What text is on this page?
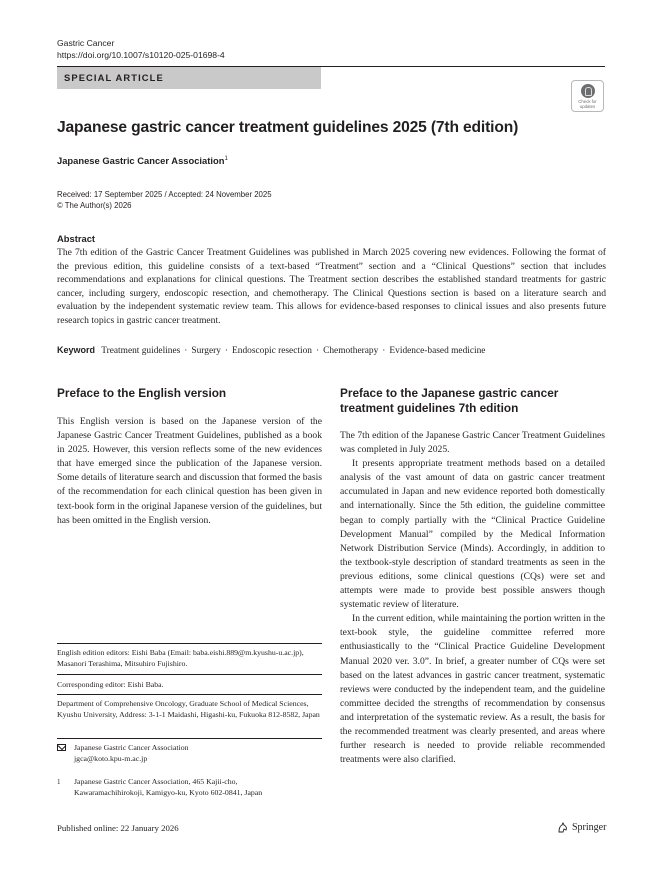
Gastric Cancer
https://doi.org/10.1007/s10120-025-01698-4
SPECIAL ARTICLE
Check for updates
Japanese gastric cancer treatment guidelines 2025 (7th edition)
Japanese Gastric Cancer Association$^1$
Received: 17 September 2025 / Accepted: 24 November 2025
© The Author(s) 2026
Abstract
The 7th edition of the Gastric Cancer Treatment Guidelines was published in March 2025 covering new evidences. Following the format of the previous edition, this guideline consists of a text-based “Treatment” section and a “Clinical Questions” section that includes recommendations and explanations for clinical questions. The Treatment section describes the established standard treatments for gastric cancer, including surgery, endoscopic resection, and chemotherapy. The Clinical Questions section is based on a literature search and evaluation by the independent systematic review team. This allows for evidence-based responses to clinical issues and also presents future research topics in gastric cancer treatment.
Keyword Treatment guidelines · Surgery · Endoscopic resection · Chemotherapy · Evidence-based medicine
Preface to the English version

This English version is based on the Japanese version of the Japanese Gastric Cancer Treatment Guidelines, published as a book in 2025. However, this version reflects some of the new evidences that have emerged since the publication of the Japanese version. Some details of literature search and discussion that formed the basis of the recommendation for each clinical question has been given in text-book form in the original Japanese version of the guidelines, but has been omitted in the English version.

English edition editors: Eishi Baba (Email: baba.eishi.889@m.kyushu-u.ac.jp), Masanori Terashima, Mitsuhiro Fujishiro.
Corresponding editor: Eishi Baba.
Department of Comprehensive Oncology, Graduate School of Medical Sciences, Kyushu University, Address: 3-1-1 Maidashi, Higashi-ku, Fukuoka 812-8582, Japan
Japanese Gastric Cancer Association
jgca@koto.kpu-m.ac.jp
1 Japanese Gastric Cancer Association, 465 Kajii-cho,
Kawaramachihirokoji, Kamigyo-ku, Kyoto 602-0841, Japan
Preface to the Japanese gastric cancer
treatment guidelines 7th edition

The 7th edition of the Japanese Gastric Cancer Treatment Guidelines was completed in July 2025.

It presents appropriate treatment methods based on a detailed analysis of the vast amount of data on gastric cancer treatment accumulated in Japan and new evidence reported both domestically and internationally. Since the 5th edition, the guideline committee began to comply partially with the “Clinical Practice Guideline Development Manual” compiled by the Medical Information Network Distribution Service (Minds). Accordingly, in addition to the textbook-style description of standard treatments as seen in the previous editions, some clinical questions (CQs) were set and attempts were made to provide best possible answers though systematic review of literature.

In the current edition, while maintaining the portion written in the text-book style, the guideline committee referred more enthusiastically to the “Clinical Practice Guideline Development Manual 2020 ver. 3.0”. In brief, a greater number of CQs were set based on the latest advances in gastric cancer treatment, systematic reviews were conducted by the independent team, and the guideline committee decided the strengths of recommendation by consensus and interpretation of the systematic review. As a result, the basis for the recommended treatment was clearly presented, and areas where further research is needed to provide reliable recommended treatments were also clarified.

Published online: 22 January 2026	Springer
